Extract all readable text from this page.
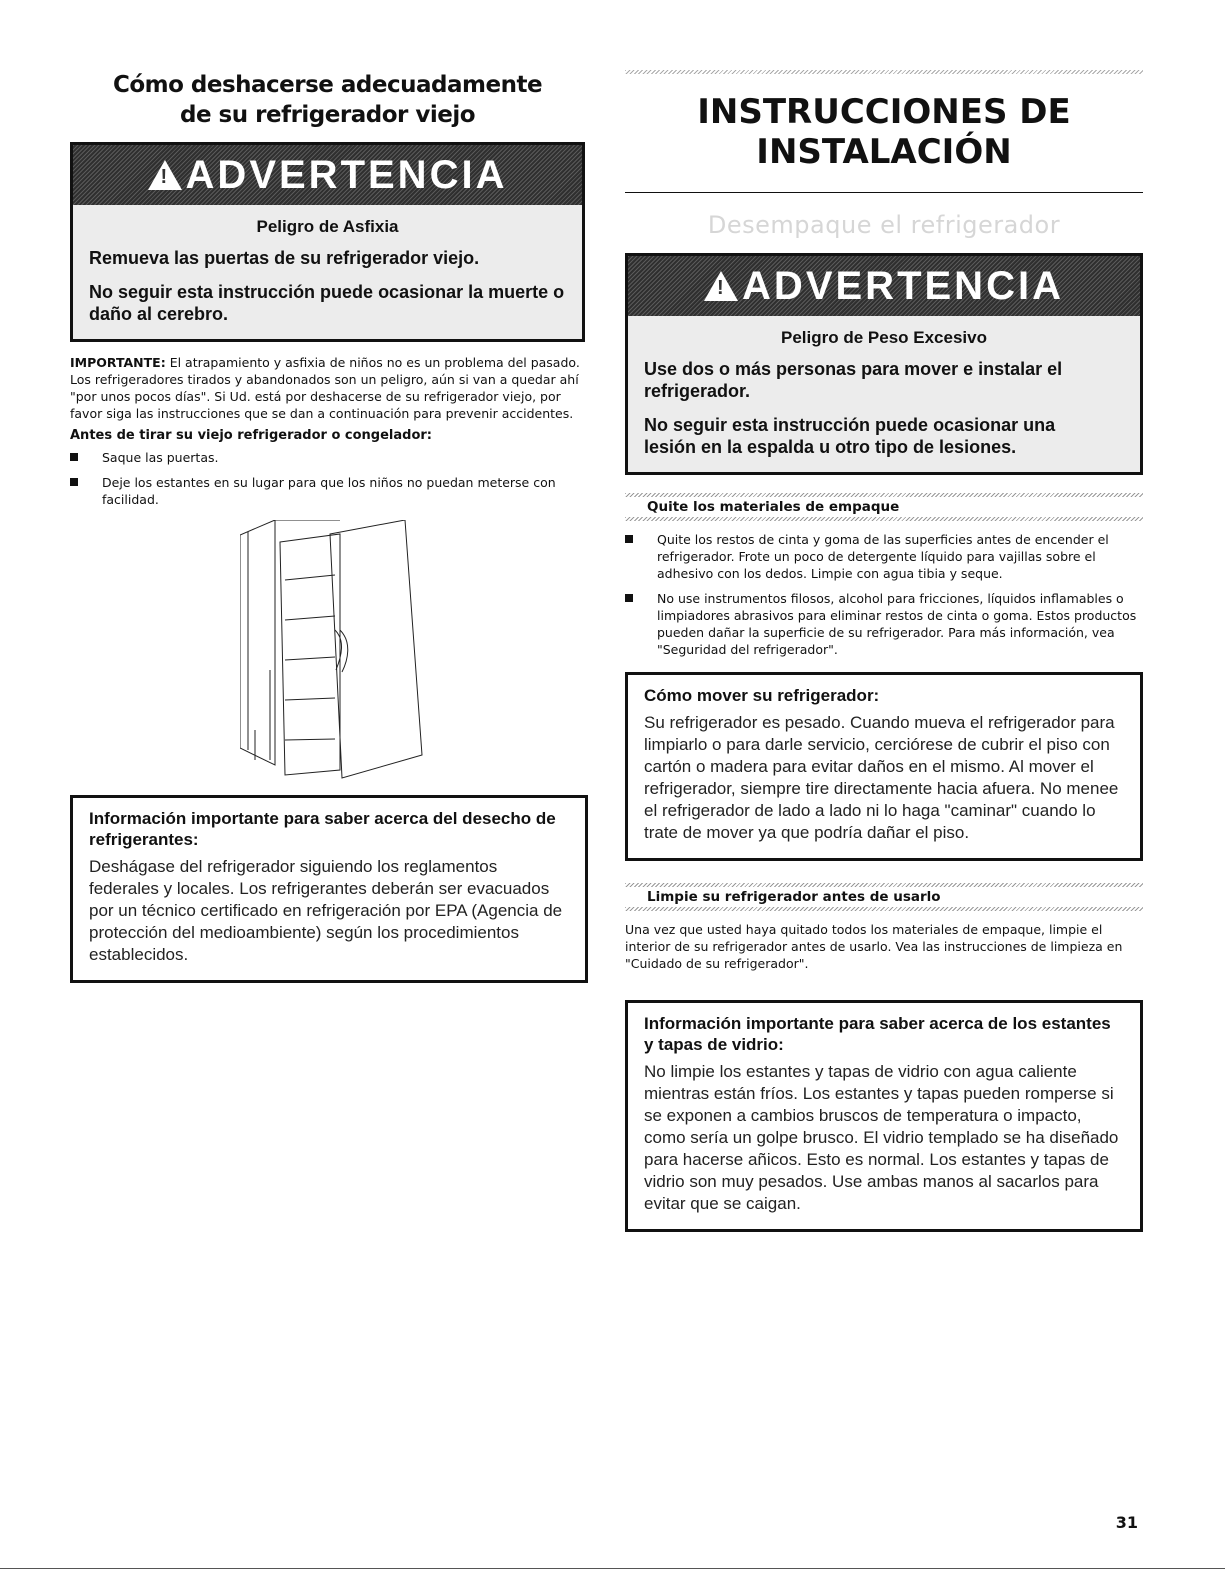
Cómo deshacerse adecuadamente
de su refrigerador viejo
!
ADVERTENCIA
Peligro de Asfixia

Remueva las puertas de su refrigerador viejo.

No seguir esta instrucción puede ocasionar la muerte o daño al cerebro.

IMPORTANTE: El atrapamiento y asfixia de niños no es un problema del pasado. Los refrigeradores tirados y abandonados son un peligro, aún si van a quedar ahí "por unos pocos días". Si Ud. está por deshacerse de su refrigerador viejo, por favor siga las instrucciones que se dan a continuación para prevenir accidentes.

Antes de tirar su viejo refrigerador o congelador:
Saque las puertas.
Deje los estantes en su lugar para que los niños no puedan meterse con facilidad.
Información importante para saber acerca del desecho de refrigerantes:

Deshágase del refrigerador siguiendo los reglamentos federales y locales. Los refrigerantes deberán ser evacuados por un técnico certificado en refrigeración por EPA (Agencia de protección del medioambiente) según los procedimientos establecidos.

INSTRUCCIONES DE
INSTALACIÓN
Desempaque el refrigerador
!
ADVERTENCIA
Peligro de Peso Excesivo

Use dos o más personas para mover e instalar el refrigerador.

No seguir esta instrucción puede ocasionar una lesión en la espalda u otro tipo de lesiones.

Quite los materiales de empaque
Quite los restos de cinta y goma de las superficies antes de encender el refrigerador. Frote un poco de detergente líquido para vajillas sobre el adhesivo con los dedos. Limpie con agua tibia y seque.
No use instrumentos filosos, alcohol para fricciones, líquidos inflamables o limpiadores abrasivos para eliminar restos de cinta o goma. Estos productos pueden dañar la superficie de su refrigerador. Para más información, vea "Seguridad del refrigerador".
Cómo mover su refrigerador:

Su refrigerador es pesado. Cuando mueva el refrigerador para limpiarlo o para darle servicio, cerciórese de cubrir el piso con cartón o madera para evitar daños en el mismo. Al mover el refrigerador, siempre tire directamente hacia afuera. No menee el refrigerador de lado a lado ni lo haga "caminar" cuando lo trate de mover ya que podría dañar el piso.

Limpie su refrigerador antes de usarlo

Una vez que usted haya quitado todos los materiales de empaque, limpie el interior de su refrigerador antes de usarlo. Vea las instrucciones de limpieza en "Cuidado de su refrigerador".

Información importante para saber acerca de los estantes y tapas de vidrio:

No limpie los estantes y tapas de vidrio con agua caliente mientras están fríos. Los estantes y tapas pueden romperse si se exponen a cambios bruscos de temperatura o impacto, como sería un golpe brusco. El vidrio templado se ha diseñado para hacerse añicos. Esto es normal. Los estantes y tapas de vidrio son muy pesados. Use ambas manos al sacarlos para evitar que se caigan.

31
